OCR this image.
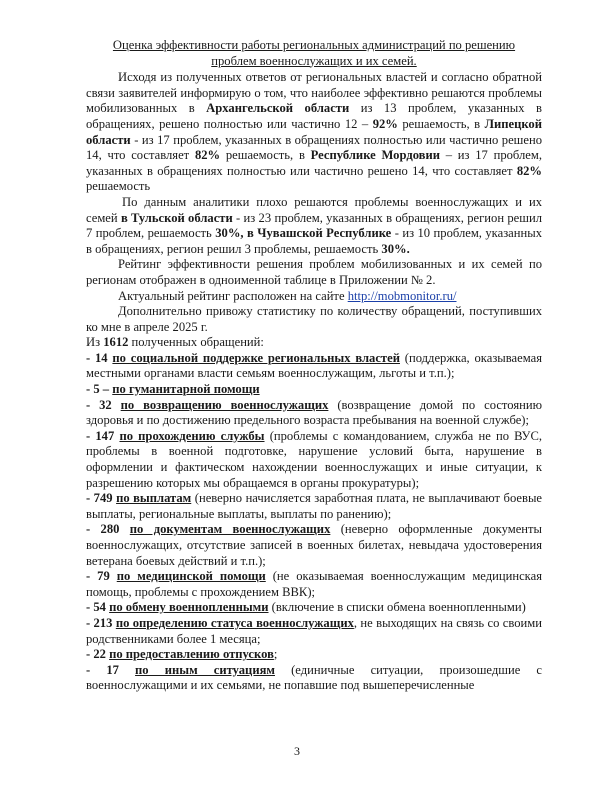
Оценка эффективности работы региональных администраций по решению
проблем военнослужащих и их семей.

Исходя из полученных ответов от региональных властей и согласно обратной связи заявителей информирую о том, что наиболее эффективно решаются проблемы мобилизованных в Архангельской области из 13 проблем, указанных в обращениях, решено полностью или частично 12 – 92% решаемость, в Липецкой области - из 17 проблем, указанных в обращениях полностью или частично решено 14, что составляет 82% решаемость, в Республике Мордовии – из 17 проблем, указанных в обращениях полностью или частично решено 14, что составляет 82% решаемость

По данным аналитики плохо решаются проблемы военнослужащих и их семей в Тульской области - из 23 проблем, указанных в обращениях, регион решил 7 проблем, решаемость 30%, в Чувашской Республике - из 10 проблем, указанных в обращениях, регион решил 3 проблемы, решаемость 30%.

Рейтинг эффективности решения проблем мобилизованных и их семей по регионам отображен в одноименной таблице в Приложении № 2.

Актуальный рейтинг расположен на сайте http://mobmonitor.ru/

Дополнительно привожу статистику по количеству обращений, поступивших ко мне в апреле 2025 г.

Из 1612 полученных обращений:

- 14 по социальной поддержке региональных властей (поддержка, оказываемая местными органами власти семьям военнослужащим, льготы и т.п.);

- 5 – по гуманитарной помощи

- 32 по возвращению военнослужащих (возвращение домой по состоянию здоровья и по достижению предельного возраста пребывания на военной службе);

- 147 по прохождению службы (проблемы с командованием, служба не по ВУС, проблемы в военной подготовке, нарушение условий быта, нарушение в оформлении и фактическом нахождении военнослужащих и иные ситуации, к разрешению которых мы обращаемся в органы прокуратуры);

- 749 по выплатам (неверно начисляется заработная плата, не выплачивают боевые выплаты, региональные выплаты, выплаты по ранению);

- 280 по документам военнослужащих (неверно оформленные документы военнослужащих, отсутствие записей в военных билетах, невыдача удостоверения ветерана боевых действий и т.п.);

- 79 по медицинской помощи (не оказываемая военнослужащим медицинская помощь, проблемы с прохождением ВВК);

- 54 по обмену военнопленными (включение в списки обмена военнопленными)

- 213 по определению статуса военнослужащих, не выходящих на связь со своими родственниками более 1 месяца;

- 22 по предоставлению отпусков;

- 17 по иным ситуациям (единичные ситуации, произошедшие с военнослужащими и их семьями, не попавшие под вышеперечисленные

3
